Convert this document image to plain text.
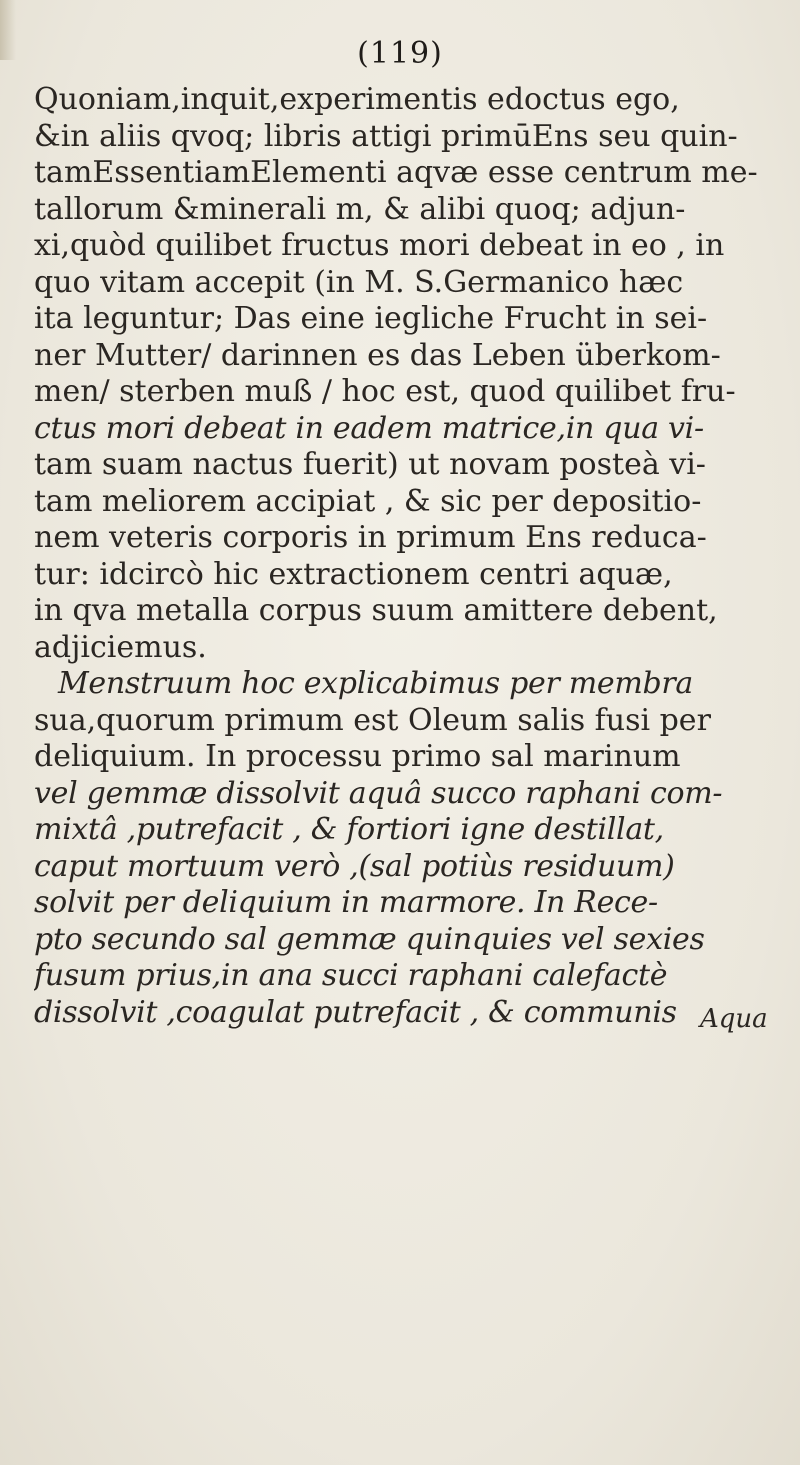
(119)
Quoniam,inquit,experimentis edoctus ego,
&in aliis qvoq; libris attigi primūEns seu quin-
tamEssentiamElementi aqvæ esse centrum me-
tallorum &minerali m, & alibi quoq; adjun-
xi,quòd quilibet fructus mori debeat in eo , in
quo vitam accepit (in M. S.Germanico hæc
ita leguntur; Das eine iegliche Frucht in sei-
ner Mutter/ darinnen es das Leben überkom-
men/ sterben muß / hoc est, quod quilibet fru-
ctus mori debeat in eadem matrice,in qua vi-
tam suam nactus fuerit) ut novam posteà vi-
tam meliorem accipiat , & sic per depositio-
nem veteris corporis in primum Ens reduca-
tur: idcircò hic extractionem centri aquæ,
in qva metalla corpus suum amittere debent,
adjiciemus.
Menstruum hoc explicabimus per membra
sua,quorum primum est Oleum salis fusi per
deliquium. In processu primo sal marinum
vel gemmæ dissolvit aquâ succo raphani com-
mixtâ ,putrefacit , & fortiori igne destillat,
caput mortuum verò ,(sal potiùs residuum)
solvit per deliquium in marmore. In Rece-
pto secundo sal gemmæ quinquies vel sexies
fusum prius,in ana succi raphani calefactè
dissolvit ,coagulat putrefacit , & communis Aqua
